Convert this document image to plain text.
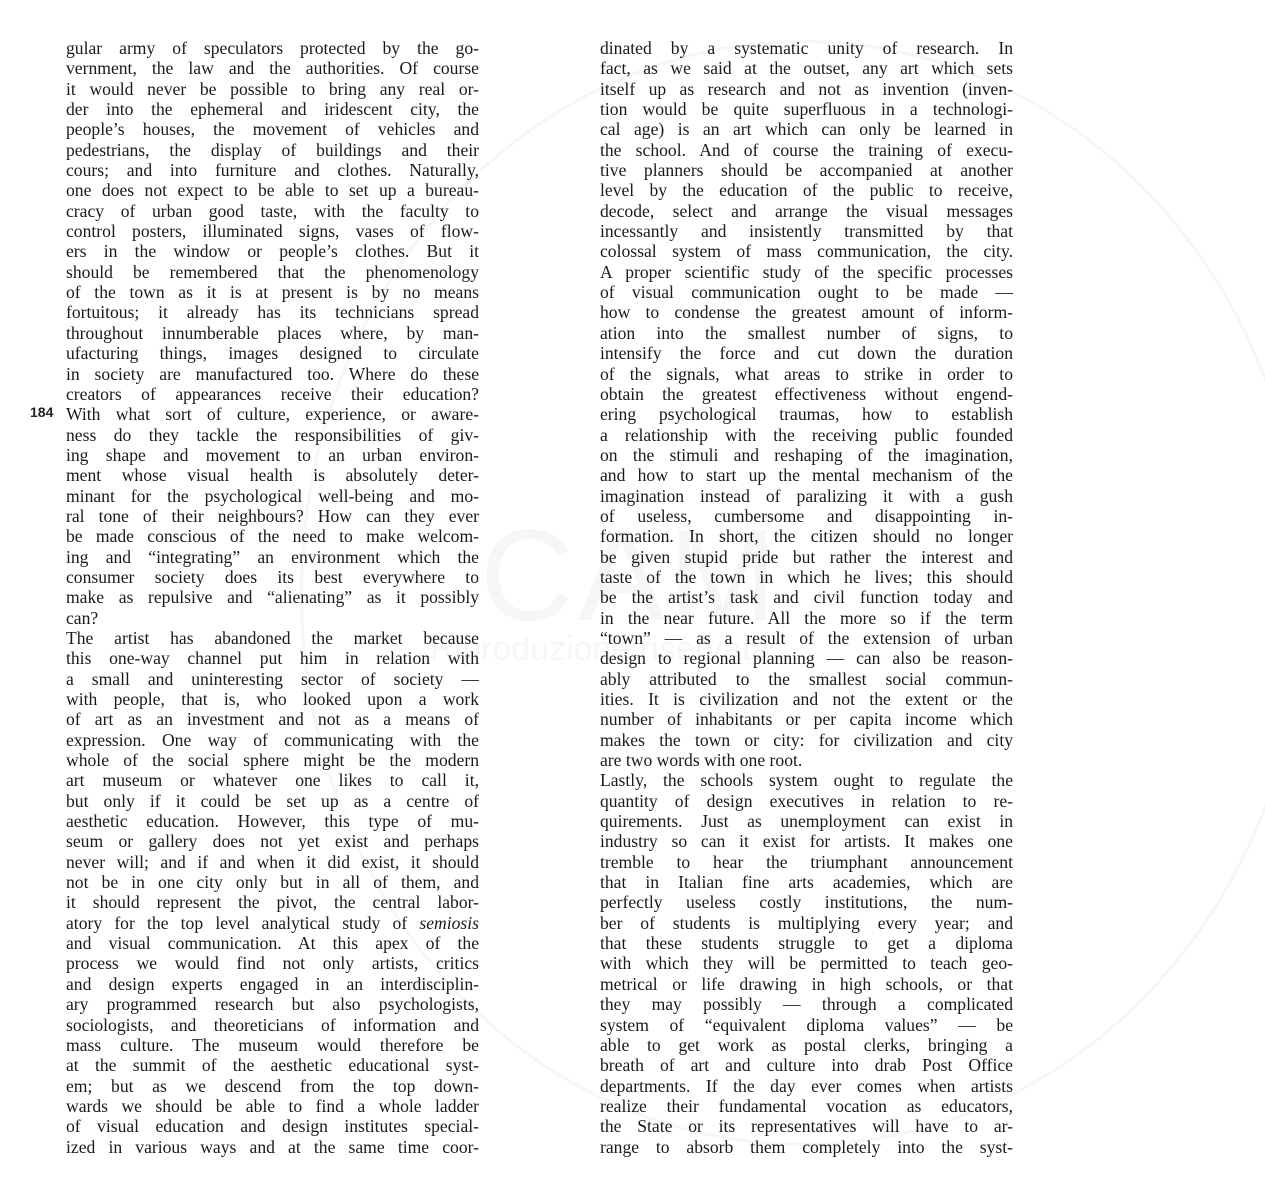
184
gular army of speculators protected by the go-
vernment, the law and the authorities. Of course
it would never be possible to bring any real or-
der into the ephemeral and iridescent city, the
people’s houses, the movement of vehicles and
pedestrians, the display of buildings and their
cours; and into furniture and clothes. Naturally,
one does not expect to be able to set up a bureau-
cracy of urban good taste, with the faculty to
control posters, illuminated signs, vases of flow-
ers in the window or people’s clothes. But it
should be remembered that the phenomenology
of the town as it is at present is by no means
fortuitous; it already has its technicians spread
throughout innumberable places where, by man-
ufacturing things, images designed to circulate
in society are manufactured too. Where do these
creators of appearances receive their education?
With what sort of culture, experience, or aware-
ness do they tackle the responsibilities of giv-
ing shape and movement to an urban environ-
ment whose visual health is absolutely deter-
minant for the psychological well-being and mo-
ral tone of their neighbours? How can they ever
be made conscious of the need to make welcom-
ing and “integrating” an environment which the
consumer society does its best everywhere to
make as repulsive and “alienating” as it possibly
can?
The artist has abandoned the market because
this one-way channel put him in relation with
a small and uninteresting sector of society —
with people, that is, who looked upon a work
of art as an investment and not as a means of
expression. One way of communicating with the
whole of the social sphere might be the modern
art museum or whatever one likes to call it,
but only if it could be set up as a centre of
aesthetic education. However, this type of mu-
seum or gallery does not yet exist and perhaps
never will; and if and when it did exist, it should
not be in one city only but in all of them, and
it should represent the pivot, the central labor-
atory for the top level analytical study of semiosis
and visual communication. At this apex of the
process we would find not only artists, critics
and design experts engaged in an interdisciplin-
ary programmed research but also psychologists,
sociologists, and theoreticians of information and
mass culture. The museum would therefore be
at the summit of the aesthetic educational syst-
em; but as we descend from the top down-
wards we should be able to find a whole ladder
of visual education and design institutes special-
ized in various ways and at the same time coor-
dinated by a systematic unity of research. In
fact, as we said at the outset, any art which sets
itself up as research and not as invention (inven-
tion would be quite superfluous in a technologi-
cal age) is an art which can only be learned in
the school. And of course the training of execu-
tive planners should be accompanied at another
level by the education of the public to receive,
decode, select and arrange the visual messages
incessantly and insistently transmitted by that
colossal system of mass communication, the city.
A proper scientific study of the specific processes
of visual communication ought to be made —
how to condense the greatest amount of inform-
ation into the smallest number of signs, to
intensify the force and cut down the duration
of the signals, what areas to strike in order to
obtain the greatest effectiveness without engend-
ering psychological traumas, how to establish
a relationship with the receiving public founded
on the stimuli and reshaping of the imagination,
and how to start up the mental mechanism of the
imagination instead of paralizing it with a gush
of useless, cumbersome and disappointing in-
formation. In short, the citizen should no longer
be given stupid pride but rather the interest and
taste of the town in which he lives; this should
be the artist’s task and civil function today and
in the near future. All the more so if the term
“town” — as a result of the extension of urban
design to regional planning — can also be reason-
ably attributed to the smallest social commun-
ities. It is civilization and not the extent or the
number of inhabitants or per capita income which
makes the town or city: for civilization and city
are two words with one root.
Lastly, the schools system ought to regulate the
quantity of design executives in relation to re-
quirements. Just as unemployment can exist in
industry so can it exist for artists. It makes one
tremble to hear the triumphant announcement
that in Italian fine arts academies, which are
perfectly useless costly institutions, the num-
ber of students is multiplying every year; and
that these students struggle to get a diploma
with which they will be permitted to teach geo-
metrical or life drawing in high schools, or that
they may possibly — through a complicated
system of “equivalent diploma values” — be
able to get work as postal clerks, bringing a
breath of art and culture into drab Post Office
departments. If the day ever comes when artists
realize their fundamental vocation as educators,
the State or its representatives will have to ar-
range to absorb them completely into the syst-
